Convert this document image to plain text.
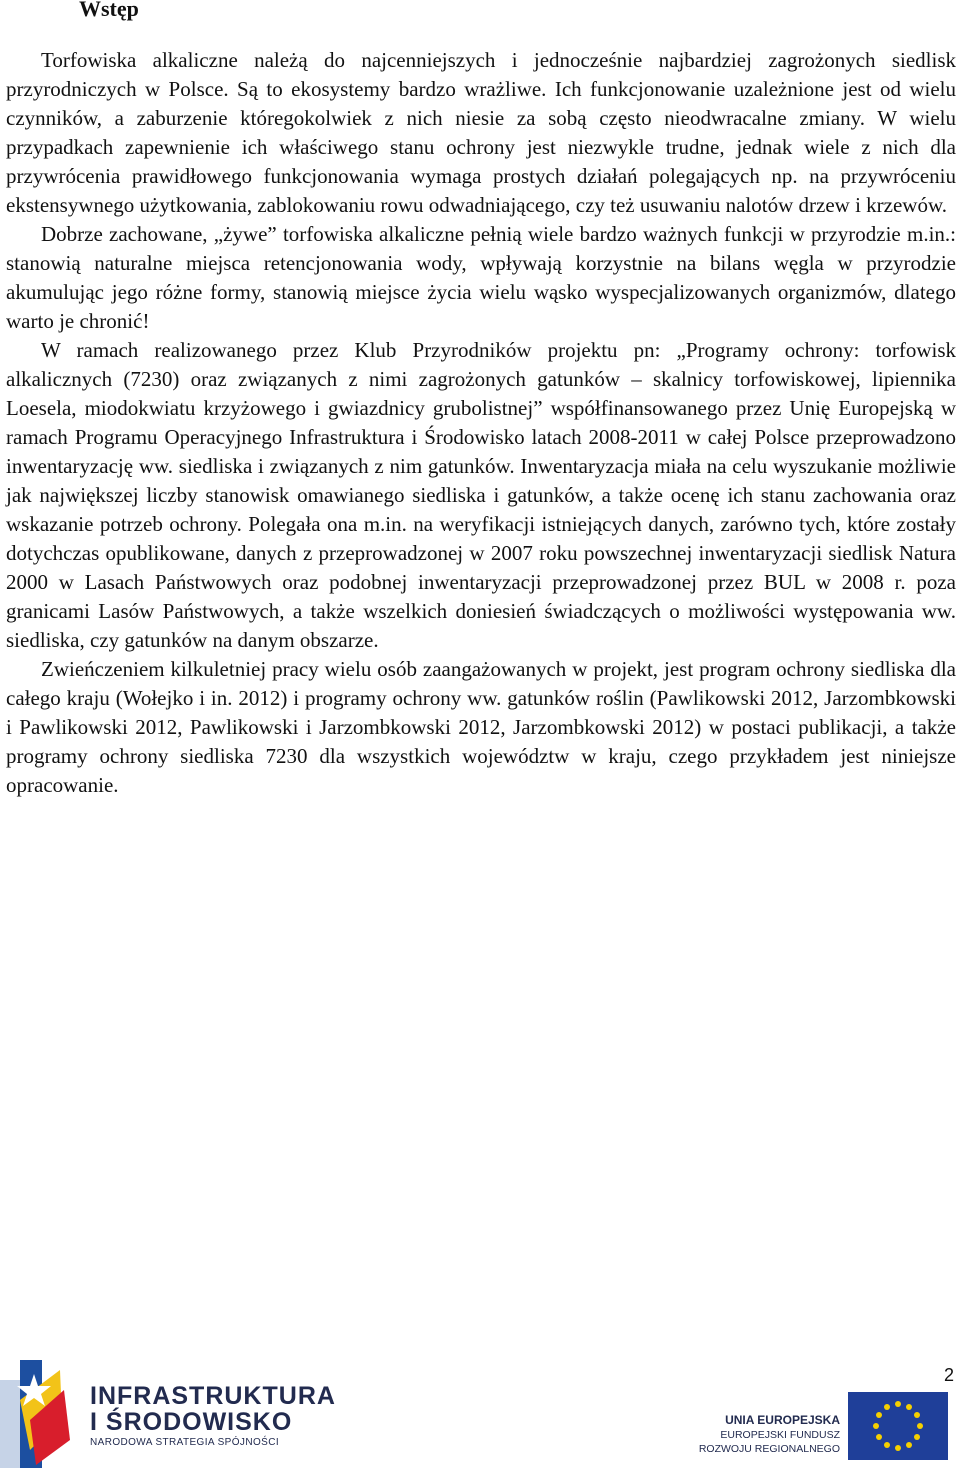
Wstęp

Torfowiska alkaliczne należą do najcenniejszych i jednocześnie najbardziej zagrożonych siedlisk przyrodniczych w Polsce. Są to ekosystemy bardzo wrażliwe. Ich funkcjonowanie uzależnione jest od wielu czynników, a zaburzenie któregokolwiek z nich niesie za sobą często nieodwracalne zmiany. W wielu przypadkach zapewnienie ich właściwego stanu ochrony jest niezwykle trudne, jednak wiele z nich dla przywrócenia prawidłowego funkcjonowania wymaga prostych działań polegających np. na przywróceniu ekstensywnego użytkowania, zablokowaniu rowu odwadniającego, czy też usuwaniu nalotów drzew i krzewów.

Dobrze zachowane, „żywe” torfowiska alkaliczne pełnią wiele bardzo ważnych funkcji w przyrodzie m.in.: stanowią naturalne miejsca retencjonowania wody, wpływają korzystnie na bilans węgla w przyrodzie akumulując jego różne formy, stanowią miejsce życia wielu wąsko wyspecjalizowanych organizmów, dlatego warto je chronić!

W ramach realizowanego przez Klub Przyrodników projektu pn: „Programy ochrony: torfowisk alkalicznych (7230) oraz związanych z nimi zagrożonych gatunków – skalnicy torfowiskowej, lipiennika Loesela, miodokwiatu krzyżowego i gwiazdnicy grubolistnej” współfinansowanego przez Unię Europejską w ramach Programu Operacyjnego Infrastruktura i Środowisko latach 2008-2011 w całej Polsce przeprowadzono inwentaryzację ww. siedliska i związanych z nim gatunków. Inwentaryzacja miała na celu wyszukanie możliwie jak największej liczby stanowisk omawianego siedliska i gatunków, a także ocenę ich stanu zachowania oraz wskazanie potrzeb ochrony. Polegała ona m.in. na weryfikacji istniejących danych, zarówno tych, które zostały dotychczas opublikowane, danych z przeprowadzonej w 2007 roku powszechnej inwentaryzacji siedlisk Natura 2000 w Lasach Państwowych oraz podobnej inwentaryzacji przeprowadzonej przez BUL w 2008 r. poza granicami Lasów Państwowych, a także wszelkich doniesień świadczących o możliwości występowania ww. siedliska, czy gatunków na danym obszarze.

Zwieńczeniem kilkuletniej pracy wielu osób zaangażowanych w projekt, jest program ochrony siedliska dla całego kraju (Wołejko i in. 2012) i programy ochrony ww. gatunków roślin (Pawlikowski 2012, Jarzombkowski i Pawlikowski 2012, Pawlikowski i Jarzombkowski 2012, Jarzombkowski 2012) w postaci publikacji, a także programy ochrony siedliska 7230 dla wszystkich województw w kraju, czego przykładem jest niniejsze opracowanie.

INFRASTRUKTURA
I ŚRODOWISKO
NARODOWA STRATEGIA SPÓJNOŚCI
UNIA EUROPEJSKA
EUROPEJSKI FUNDUSZ
ROZWOJU REGIONALNEGO
2
